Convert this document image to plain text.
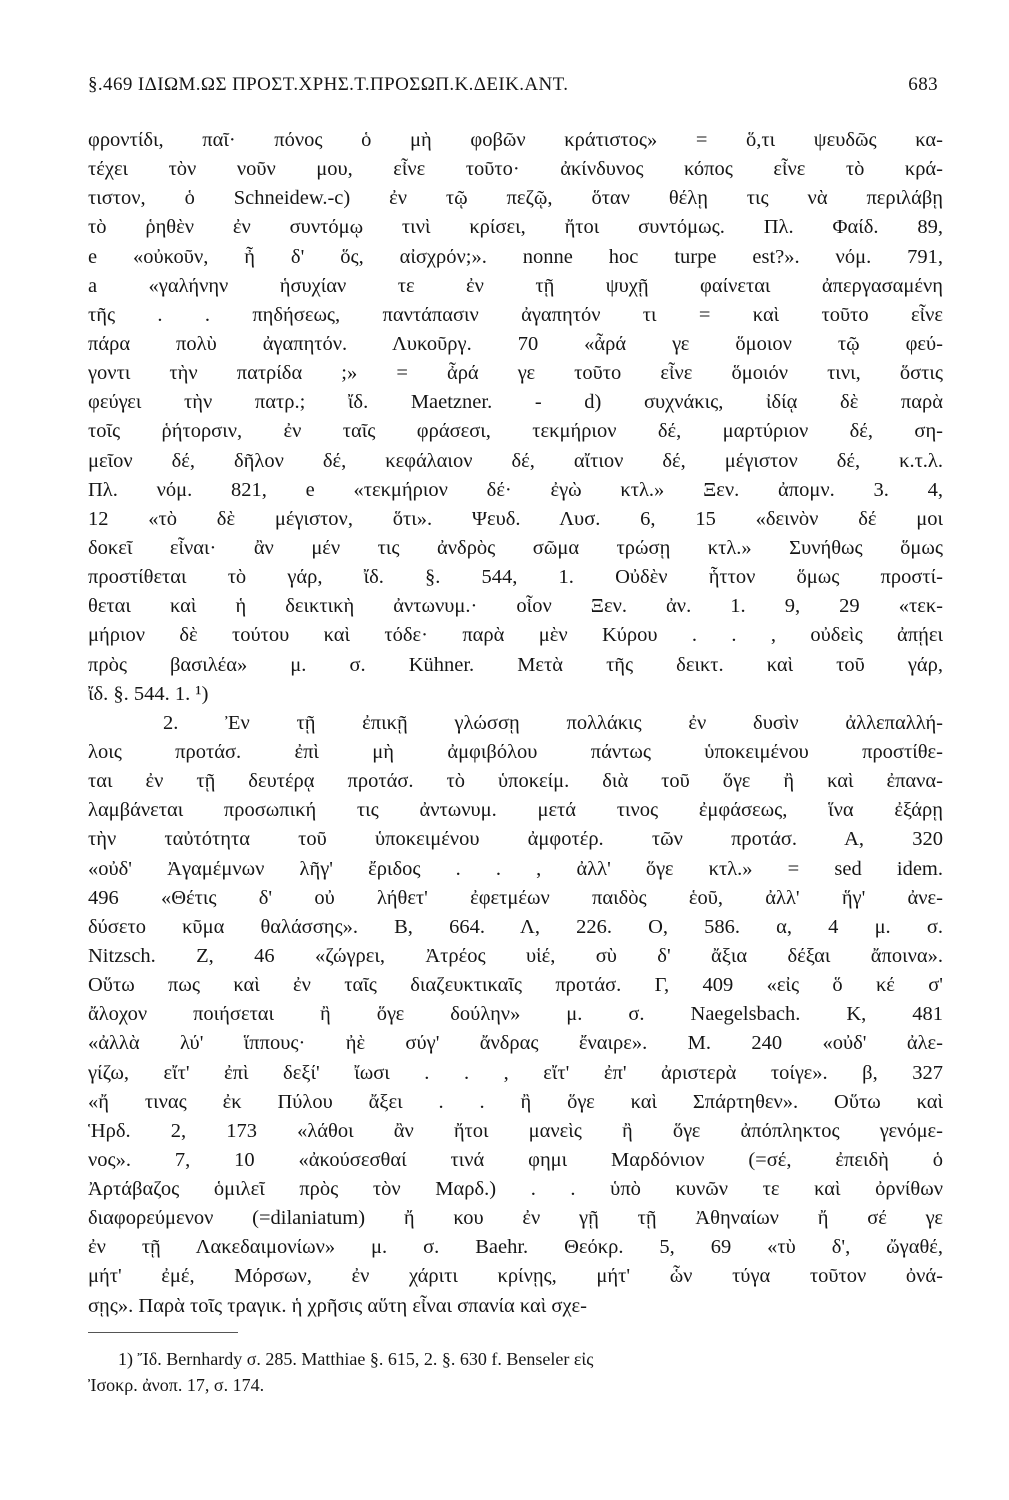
§.469 ΙΔΙΩΜ.ΩΣ ΠΡΟΣΤ.ΧΡΗΣ.Τ.ΠΡΟΣΩΠ.Κ.ΔΕΙΚ.ΑΝΤ.	683
φροντίδι, παῖ· πόνος ὁ μὴ φοβῶν κράτιστος» = ὅ,τι ψευδῶς κα-
τέχει τὸν νοῦν μου, εἶνε τοῦτο· ἀκίνδυνος κόπος εἶνε τὸ κρά-
τιστον, ὁ Schneidew.-c) ἐν τῷ πεζῷ, ὅταν θέλῃ τις νὰ περιλάβῃ
τὸ ῥηθὲν ἐν συντόμῳ τινὶ κρίσει, ἤτοι συντόμως. Πλ. Φαίδ. 89,
e «οὐκοῦν, ἦ δ' ὅς, αἰσχρόν;». nonne hoc turpe est?». νόμ. 791,
a «γαλήνην ἡσυχίαν τε ἐν τῇ ψυχῇ φαίνεται ἀπεργασαμένη
τῆς . . πηδήσεως, παντάπασιν ἀγαπητόν τι = καὶ τοῦτο εἶνε
πάρα πολὺ ἀγαπητόν. Λυκοῦργ. 70 «ἆρά γε ὅμοιον τῷ φεύ-
γοντι τὴν πατρίδα ;» = ἆρά γε τοῦτο εἶνε ὅμοιόν τινι, ὅστις
φεύγει τὴν πατρ.; ἴδ. Maetzner. - d) συχνάκις, ἰδίᾳ δὲ παρὰ
τοῖς ῥήτορσιν, ἐν ταῖς φράσεσι, τεκμήριον δέ, μαρτύριον δέ, ση-
μεῖον δέ, δῆλον δέ, κεφάλαιον δέ, αἴτιον δέ, μέγιστον δέ, κ.τ.λ.
Πλ. νόμ. 821, e «τεκμήριον δέ· ἐγὼ κτλ.» Ξεν. ἀπομν. 3. 4,
12 «τὸ δὲ μέγιστον, ὅτι». Ψευδ. Λυσ. 6, 15 «δεινὸν δέ μοι
δοκεῖ εἶναι· ἂν μέν τις ἀνδρὸς σῶμα τρώσῃ κτλ.» Συνήθως ὅμως
προστίθεται τὸ γάρ, ἴδ. §. 544, 1. Οὐδὲν ἧττον ὅμως προστί-
θεται καὶ ἡ δεικτικὴ ἀντωνυμ.· οἷον Ξεν. ἀν. 1. 9, 29 «τεκ-
μήριον δὲ τούτου καὶ τόδε· παρὰ μὲν Κύρου . . , οὐδεὶς ἀπῄει
πρὸς βασιλέα» μ. σ. Kühner. Μετὰ τῆς δεικτ. καὶ τοῦ γάρ,
ἴδ. §. 544. 1. ¹)
2. Ἐν τῇ ἐπικῇ γλώσσῃ πολλάκις ἐν δυσὶν ἀλλεπαλλή-
λοις προτάσ. ἐπὶ μὴ ἀμφιβόλου πάντως ὑποκειμένου προστίθε-
ται ἐν τῇ δευτέρᾳ προτάσ. τὸ ὑποκείμ. διὰ τοῦ ὅγε ἢ καὶ ἐπανα-
λαμβάνεται προσωπική τις ἀντωνυμ. μετά τινος ἐμφάσεως, ἵνα ἐξάρῃ
τὴν ταὐτότητα τοῦ ὑποκειμένου ἀμφοτέρ. τῶν προτάσ. Α, 320
«οὐδ' Ἀγαμέμνων λῆγ' ἔριδος . . , ἀλλ' ὅγε κτλ.» = sed idem.
496 «Θέτις δ' οὐ λήθετ' ἐφετμέων παιδὸς ἑοῦ, ἀλλ' ἥγ' ἀνε-
δύσετο κῦμα θαλάσσης». Β, 664. Λ, 226. Ο, 586. α, 4 μ. σ.
Nitzsch. Ζ, 46 «ζώγρει, Ἀτρέος υἱέ, σὺ δ' ἄξια δέξαι ἄποινα».
Οὕτω πως καὶ ἐν ταῖς διαζευκτικαῖς προτάσ. Γ, 409 «εἰς ὅ κέ σ'
ἄλοχον ποιήσεται ἢ ὅγε δούλην» μ. σ. Naegelsbach. Κ, 481
«ἀλλὰ λύ' ἵππους· ἠὲ σύγ' ἄνδρας ἔναιρε». Μ. 240 «οὐδ' ἀλε-
γίζω, εἴτ' ἐπὶ δεξί' ἴωσι . . , εἴτ' ἐπ' ἀριστερὰ τοίγε». β, 327
«ἤ τινας ἐκ Πύλου ἄξει . . ἢ ὅγε καὶ Σπάρτηθεν». Οὕτω καὶ
Ἡρδ. 2, 173 «λάθοι ἂν ἤτοι μανεὶς ἢ ὅγε ἀπόπληκτος γενόμε-
νος». 7, 10 «ἀκούσεσθαί τινά φημι Μαρδόνιον (=σέ, ἐπειδὴ ὁ
Ἀρτάβαζος ὁμιλεῖ πρὸς τὸν Μαρδ.) . . ὑπὸ κυνῶν τε καὶ ὀρνίθων
διαφορεύμενον (=dilaniatum) ἤ κου ἐν γῇ τῇ Ἀθηναίων ἤ σέ γε
ἐν τῇ Λακεδαιμονίων» μ. σ. Baehr. Θεόκρ. 5, 69 «τὺ δ', ὤγαθέ,
μήτ' ἐμέ, Μόρσων, ἐν χάριτι κρίνῃς, μήτ' ὧν τύγα τοῦτον ὀνά-
σῃς». Παρὰ τοῖς τραγικ. ἡ χρῆσις αὕτη εἶναι σπανία καὶ σχε-
1) Ἴδ. Bernhardy σ. 285. Matthiae §. 615, 2. §. 630 f. Benseler εἰς
Ἰσοκρ. ἀνοπ. 17, σ. 174.
